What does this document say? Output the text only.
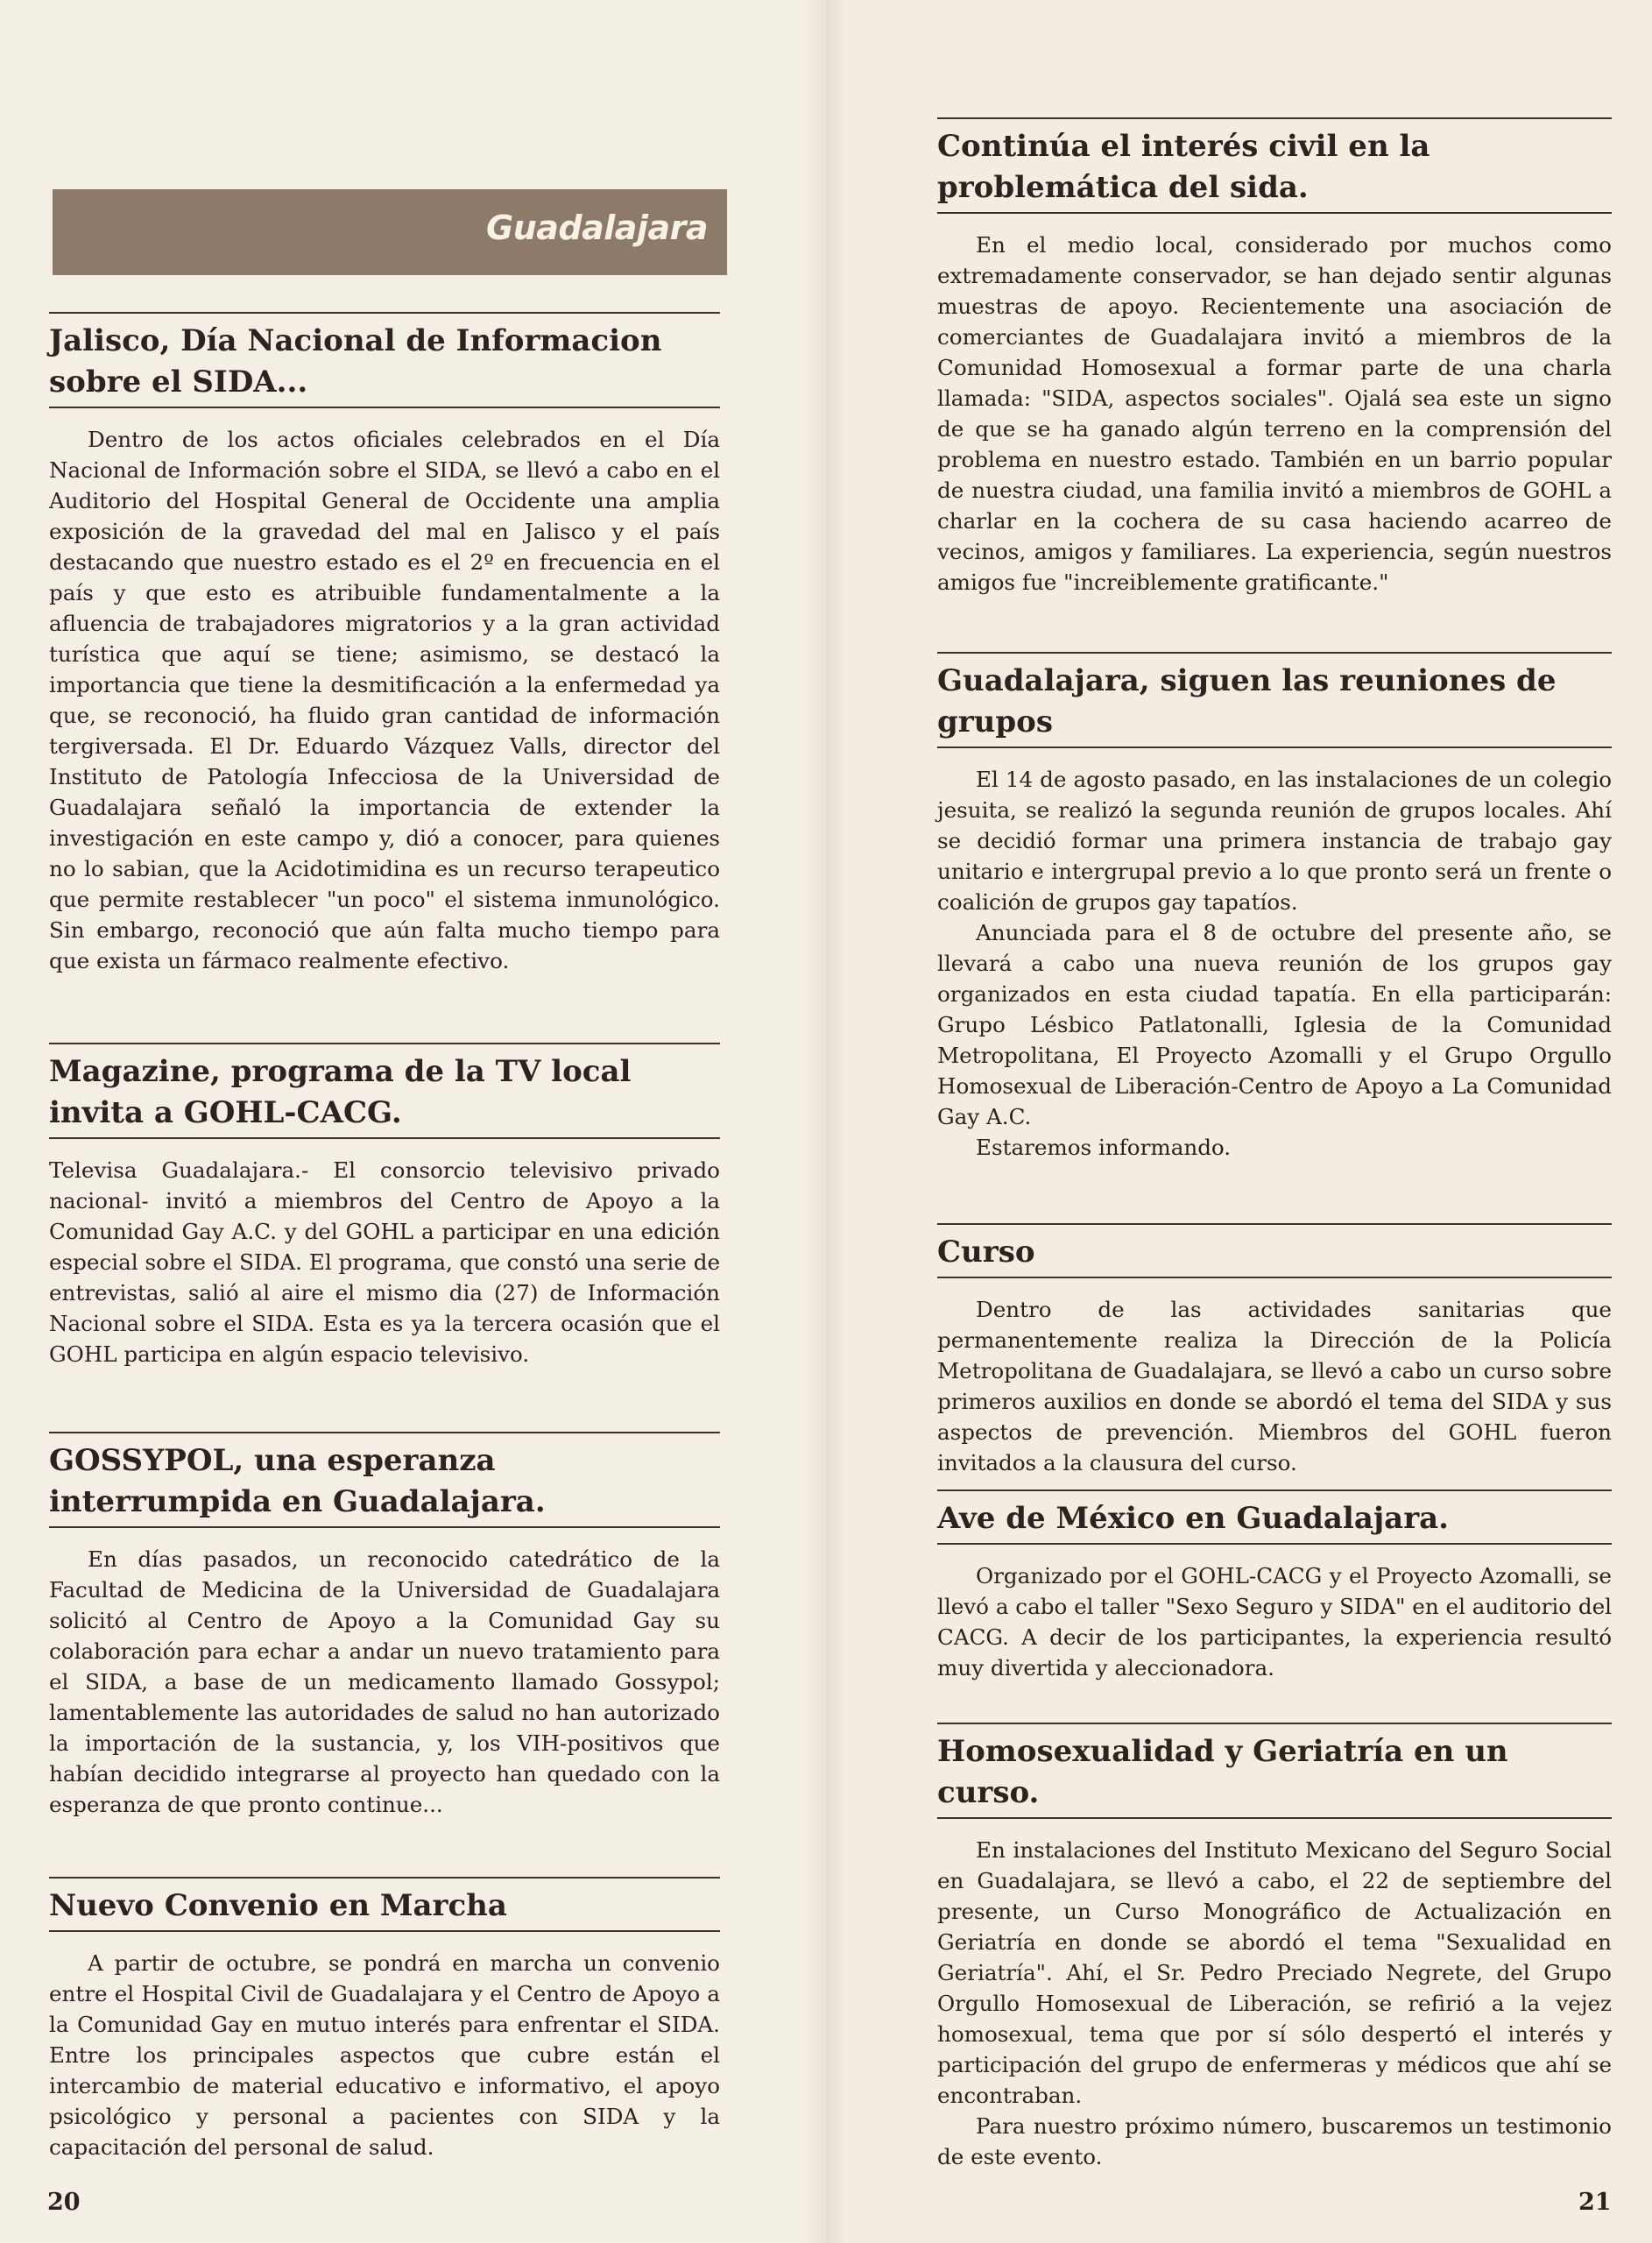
Guadalajara
Jalisco, Día Nacional de Informacion sobre el SIDA...

Dentro de los actos oficiales celebrados en el Día Nacional de Información sobre el SIDA, se llevó a cabo en el Auditorio del Hospital General de Occidente una amplia exposición de la gravedad del mal en Jalisco y el país destacando que nuestro estado es el 2º en frecuencia en el país y que esto es atribuible fundamentalmente a la afluencia de trabajadores migratorios y a la gran actividad turística que aquí se tiene; asimismo, se destacó la importancia que tiene la desmitificación a la enfermedad ya que, se reconoció, ha fluido gran cantidad de información tergiversada. El Dr. Eduardo Vázquez Valls, director del Instituto de Patología Infecciosa de la Universidad de Guadalajara señaló la importancia de extender la investigación en este campo y, dió a conocer, para quienes no lo sabian, que la Acidotimidina es un recurso terapeutico que permite restablecer "un poco" el sistema inmunológico. Sin embargo, reconoció que aún falta mucho tiempo para que exista un fármaco realmente efectivo.

Magazine, programa de la TV local invita a GOHL-CACG.

Televisa Guadalajara.- El consorcio televisivo privado nacional- invitó a miembros del Centro de Apoyo a la Comunidad Gay A.C. y del GOHL a participar en una edición especial sobre el SIDA. El programa, que constó una serie de entrevistas, salió al aire el mismo dia (27) de Información Nacional sobre el SIDA. Esta es ya la tercera ocasión que el GOHL participa en algún espacio televisivo.

GOSSYPOL, una esperanza interrumpida en Guadalajara.

En días pasados, un reconocido catedrático de la Facultad de Medicina de la Universidad de Guadalajara solicitó al Centro de Apoyo a la Comunidad Gay su colaboración para echar a andar un nuevo tratamiento para el SIDA, a base de un medicamento llamado Gossypol; lamentablemente las autoridades de salud no han autorizado la importación de la sustancia, y, los VIH-positivos que habían decidido integrarse al proyecto han quedado con la esperanza de que pronto continue...

Nuevo Convenio en Marcha

A partir de octubre, se pondrá en marcha un convenio entre el Hospital Civil de Guadalajara y el Centro de Apoyo a la Comunidad Gay en mutuo interés para enfrentar el SIDA. Entre los principales aspectos que cubre están el intercambio de material educativo e informativo, el apoyo psicológico y personal a pacientes con SIDA y la capacitación del personal de salud.

20
Continúa el interés civil en la problemática del sida.

En el medio local, considerado por muchos como extremadamente conservador, se han dejado sentir algunas muestras de apoyo. Recientemente una asociación de comerciantes de Guadalajara invitó a miembros de la Comunidad Homosexual a formar parte de una charla llamada: "SIDA, aspectos sociales". Ojalá sea este un signo de que se ha ganado algún terreno en la comprensión del problema en nuestro estado. También en un barrio popular de nuestra ciudad, una familia invitó a miembros de GOHL a charlar en la cochera de su casa haciendo acarreo de vecinos, amigos y familiares. La experiencia, según nuestros amigos fue "increiblemente gratificante."

Guadalajara, siguen las reuniones de grupos

El 14 de agosto pasado, en las instalaciones de un colegio jesuita, se realizó la segunda reunión de grupos locales. Ahí se decidió formar una primera instancia de trabajo gay unitario e intergrupal previo a lo que pronto será un frente o coalición de grupos gay tapatíos.
Anunciada para el 8 de octubre del presente año, se llevará a cabo una nueva reunión de los grupos gay organizados en esta ciudad tapatía. En ella participarán: Grupo Lésbico Patlatonalli, Iglesia de la Comunidad Metropolitana, El Proyecto Azomalli y el Grupo Orgullo Homosexual de Liberación-Centro de Apoyo a La Comunidad Gay A.C.
Estaremos informando.

Curso

Dentro de las actividades sanitarias que permanentemente realiza la Dirección de la Policía Metropolitana de Guadalajara, se llevó a cabo un curso sobre primeros auxilios en donde se abordó el tema del SIDA y sus aspectos de prevención. Miembros del GOHL fueron invitados a la clausura del curso.

Ave de México en Guadalajara.

Organizado por el GOHL-CACG y el Proyecto Azomalli, se llevó a cabo el taller "Sexo Seguro y SIDA" en el auditorio del CACG. A decir de los participantes, la experiencia resultó muy divertida y aleccionadora.

Homosexualidad y Geriatría en un curso.

En instalaciones del Instituto Mexicano del Seguro Social en Guadalajara, se llevó a cabo, el 22 de septiembre del presente, un Curso Monográfico de Actualización en Geriatría en donde se abordó el tema "Sexualidad en Geriatría". Ahí, el Sr. Pedro Preciado Negrete, del Grupo Orgullo Homosexual de Liberación, se refirió a la vejez homosexual, tema que por sí sólo despertó el interés y participación del grupo de enfermeras y médicos que ahí se encontraban.
Para nuestro próximo número, buscaremos un testimonio de este evento.

21
